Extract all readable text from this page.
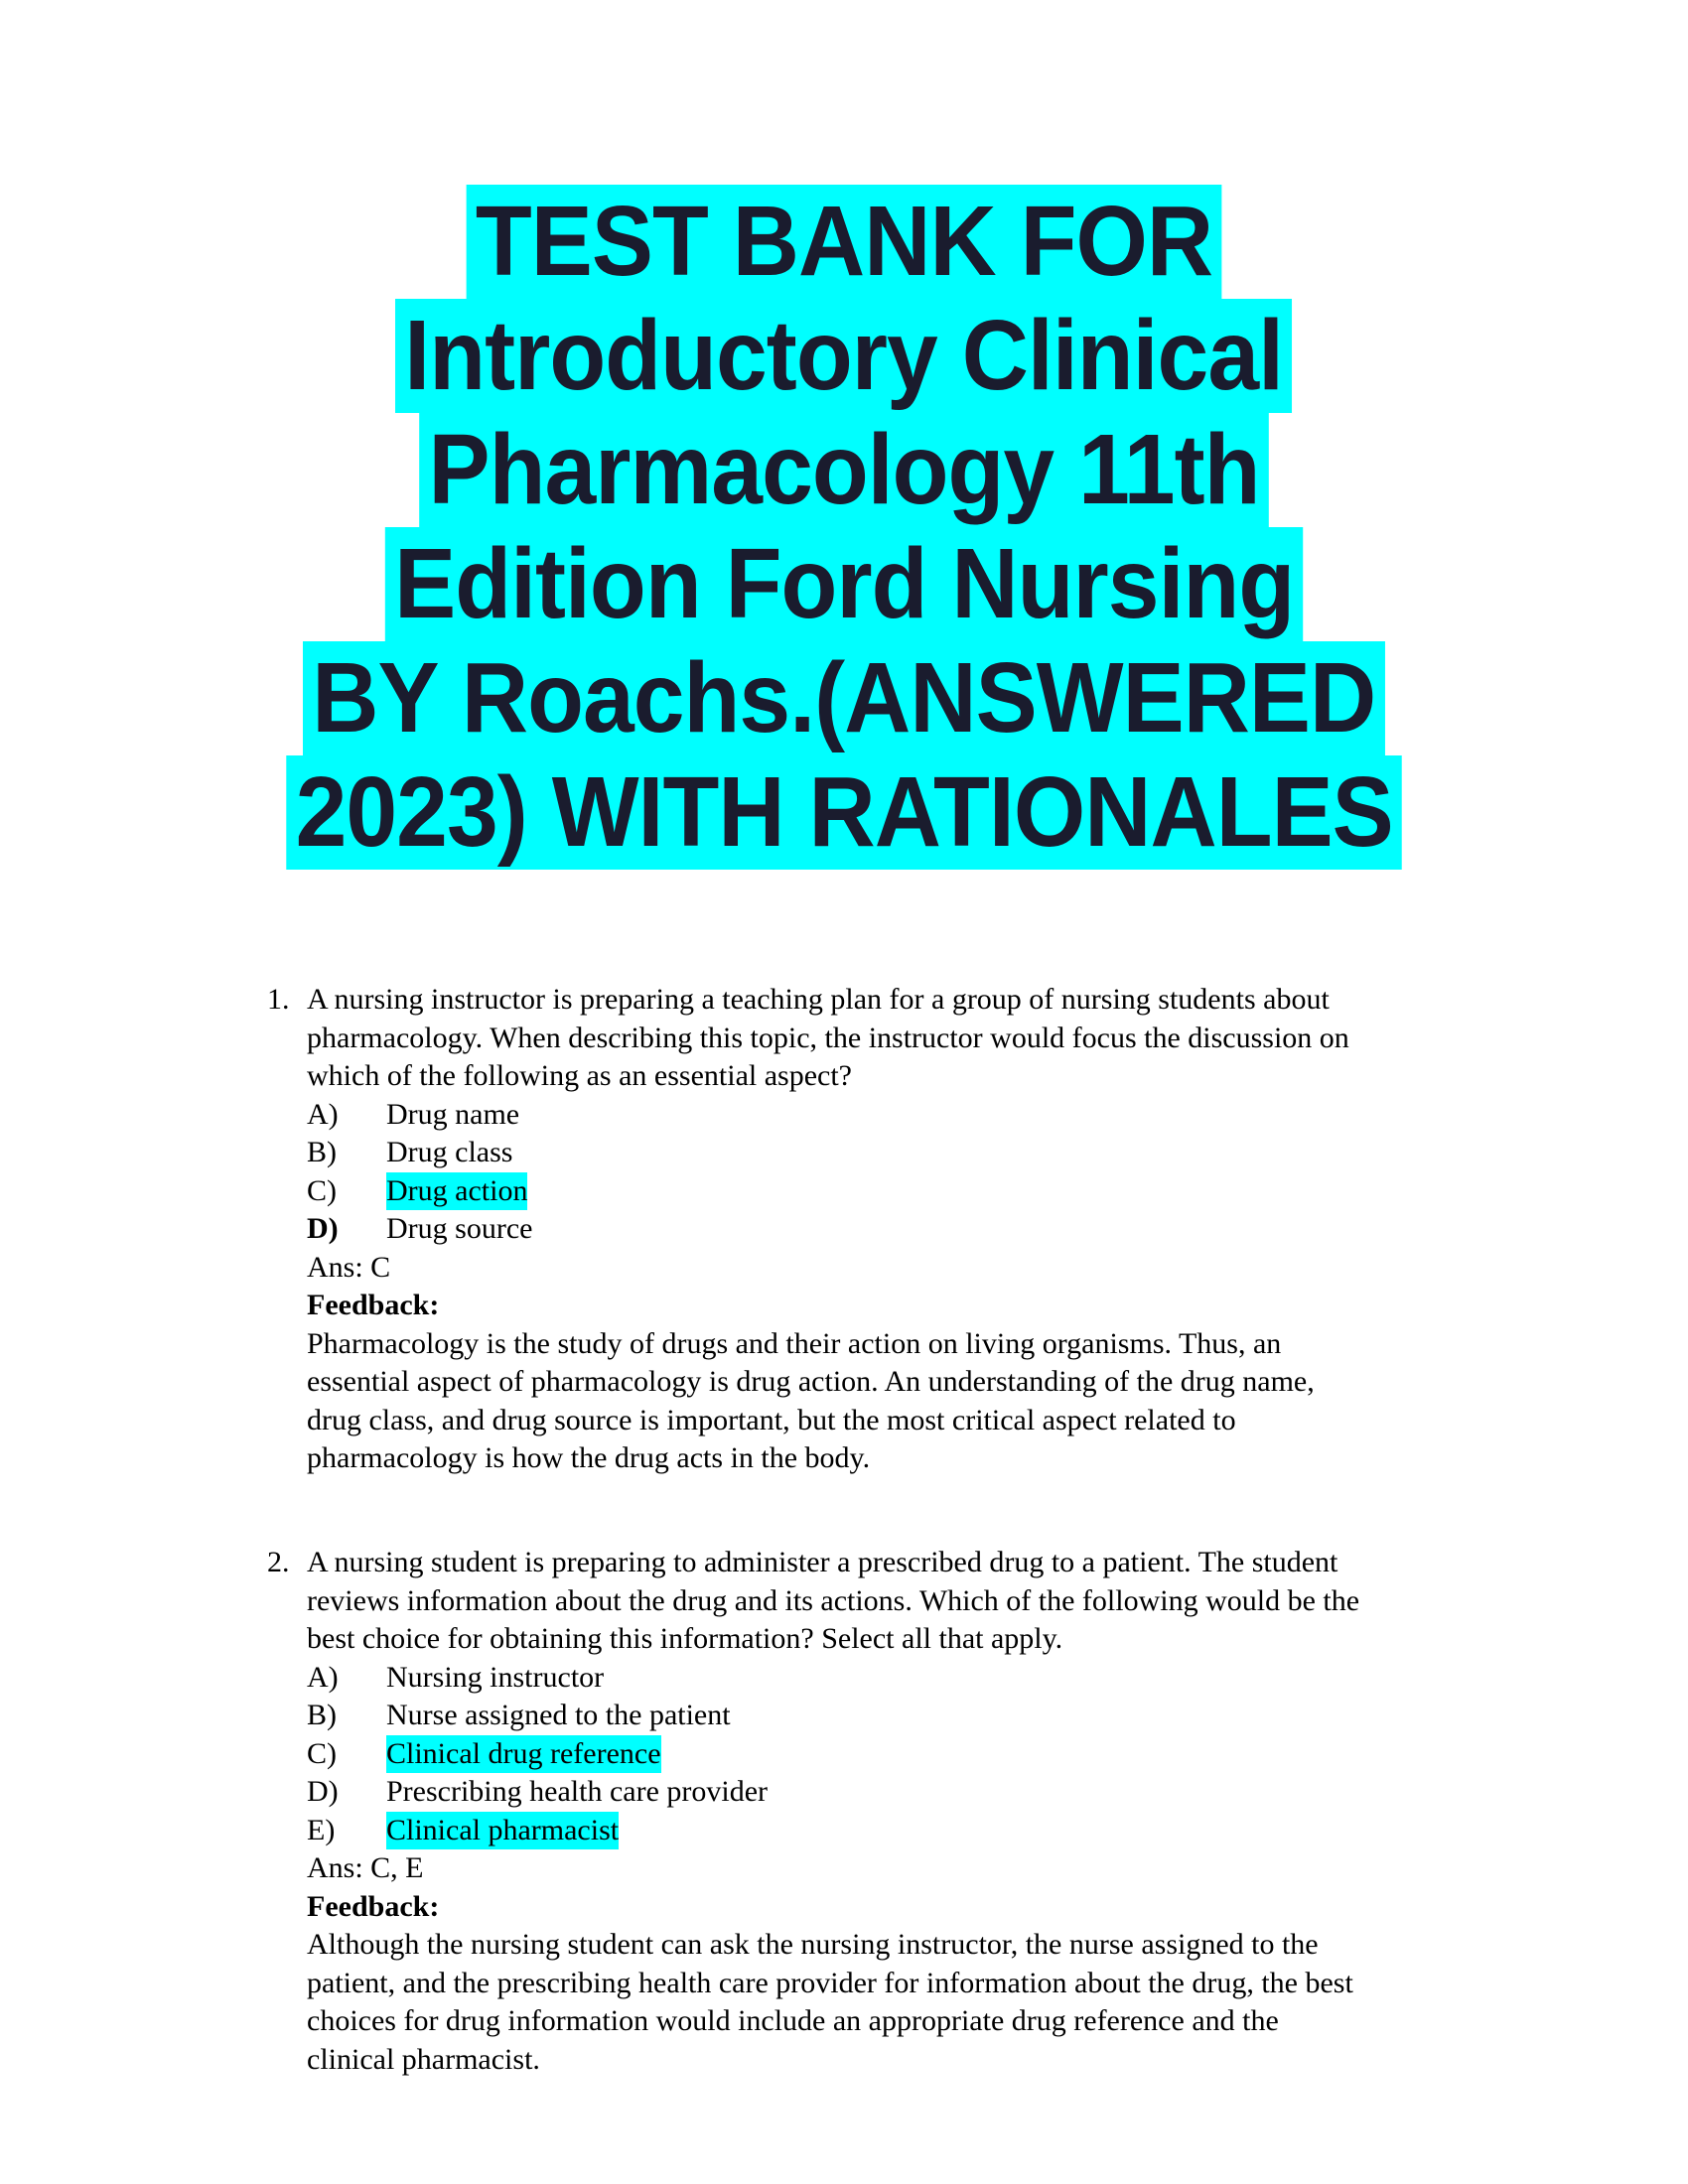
TEST BANK FOR
Introductory Clinical
Pharmacology 11th
Edition Ford Nursing
BY Roachs.(ANSWERED
2023) WITH RATIONALES
1. A nursing instructor is preparing a teaching plan for a group of nursing students about
pharmacology. When describing this topic, the instructor would focus the discussion on
which of the following as an essential aspect?
A)	Drug name
B)	Drug class
C)	Drug action
D)	Drug source
Ans: C
Feedback:
Pharmacology is the study of drugs and their action on living organisms. Thus, an
essential aspect of pharmacology is drug action. An understanding of the drug name,
drug class, and drug source is important, but the most critical aspect related to
pharmacology is how the drug acts in the body.
2. A nursing student is preparing to administer a prescribed drug to a patient. The student
reviews information about the drug and its actions. Which of the following would be the
best choice for obtaining this information? Select all that apply.
A)	Nursing instructor
B)	Nurse assigned to the patient
C)	Clinical drug reference
D)	Prescribing health care provider
E)	Clinical pharmacist
Ans: C, E
Feedback:
Although the nursing student can ask the nursing instructor, the nurse assigned to the
patient, and the prescribing health care provider for information about the drug, the best
choices for drug information would include an appropriate drug reference and the
clinical pharmacist.
